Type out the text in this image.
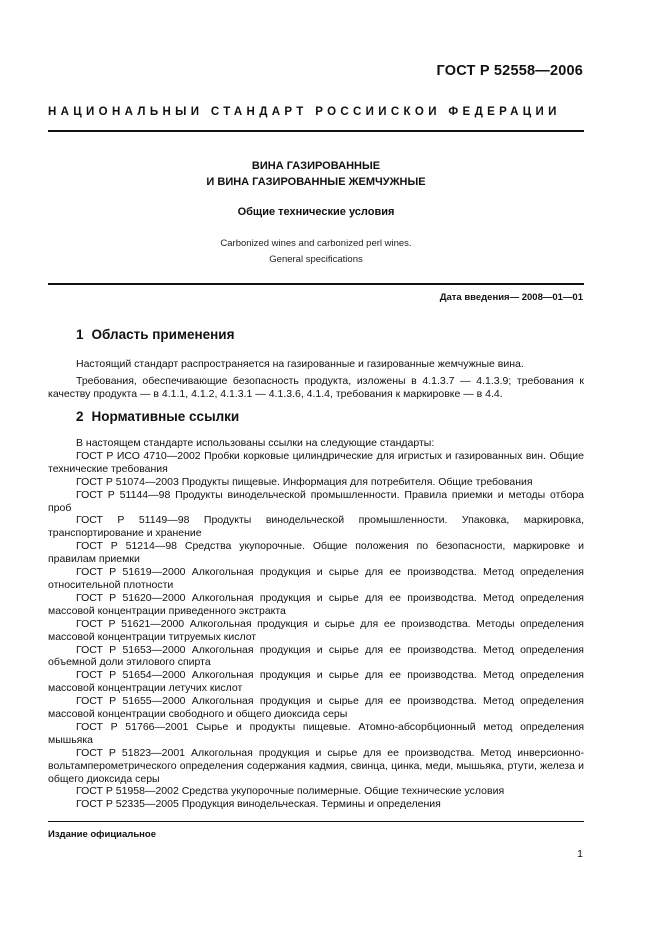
ГОСТ Р 52558—2006
НАЦИОНАЛЬНЫЙ СТАНДАРТ РОССИЙСКОЙ ФЕДЕРАЦИИ
ВИНА ГАЗИРОВАННЫЕ
И ВИНА ГАЗИРОВАННЫЕ ЖЕМЧУЖНЫЕ
Общие технические условия
Carbonized wines and carbonized perl wines.
General specifications
Дата введения— 2008—01—01
1 Область применения

Настоящий стандарт распространяется на газированные и газированные жемчужные вина.

Требования, обеспечивающие безопасность продукта, изложены в 4.1.3.7 — 4.1.3.9; требования к качеству продукта — в 4.1.1, 4.1.2, 4.1.3.1 — 4.1.3.6, 4.1.4, требования к маркировке — в 4.4.

2 Нормативные ссылки

В настоящем стандарте использованы ссылки на следующие стандарты:

ГОСТ Р ИСО 4710—2002 Пробки корковые цилиндрические для игристых и газированных вин. Общие технические требования

ГОСТ Р 51074—2003 Продукты пищевые. Информация для потребителя. Общие требования

ГОСТ Р 51144—98 Продукты винодельческой промышленности. Правила приемки и методы отбора проб

ГОСТ Р 51149—98 Продукты винодельческой промышленности. Упаковка, маркировка, транспортирование и хранение

ГОСТ Р 51214—98 Средства укупорочные. Общие положения по безопасности, маркировке и правилам приемки

ГОСТ Р 51619—2000 Алкогольная продукция и сырье для ее производства. Метод определения относительной плотности

ГОСТ Р 51620—2000 Алкогольная продукция и сырье для ее производства. Метод определения массовой концентрации приведенного экстракта

ГОСТ Р 51621—2000 Алкогольная продукция и сырье для ее производства. Методы определения массовой концентрации титруемых кислот

ГОСТ Р 51653—2000 Алкогольная продукция и сырье для ее производства. Метод определения объемной доли этилового спирта

ГОСТ Р 51654—2000 Алкогольная продукция и сырье для ее производства. Метод определения массовой концентрации летучих кислот

ГОСТ Р 51655—2000 Алкогольная продукция и сырье для ее производства. Метод определения массовой концентрации свободного и общего диоксида серы

ГОСТ Р 51766—2001 Сырье и продукты пищевые. Атомно-абсорбционный метод определения мышьяка

ГОСТ Р 51823—2001 Алкогольная продукция и сырье для ее производства. Метод инверсионно-вольтамперометрического определения содержания кадмия, свинца, цинка, меди, мышьяка, ртути, железа и общего диоксида серы

ГОСТ Р 51958—2002 Средства укупорочные полимерные. Общие технические условия

ГОСТ Р 52335—2005 Продукция винодельческая. Термины и определения

Издание официальное
1
